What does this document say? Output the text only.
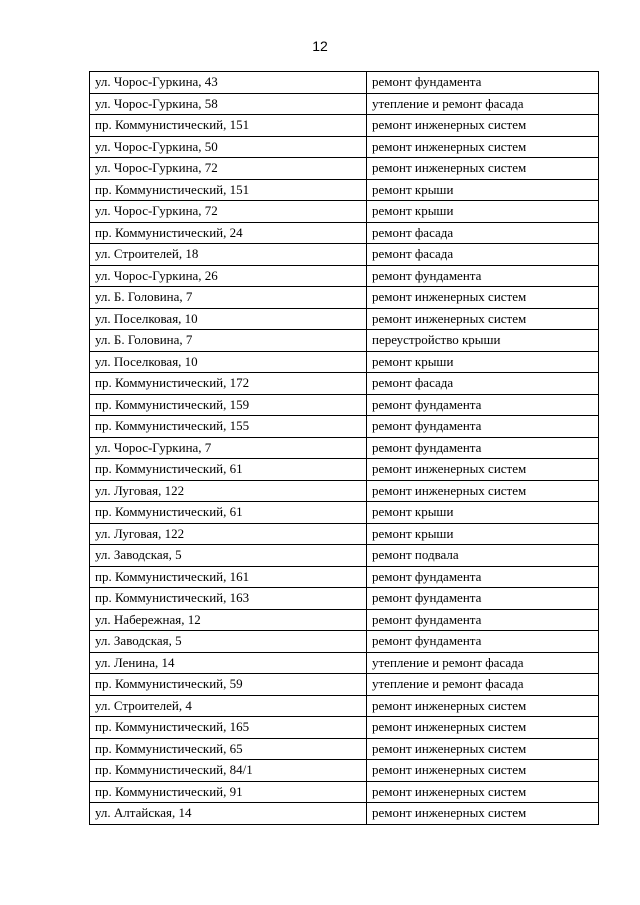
12
ул. Чорос-Гуркина, 43	ремонт фундамента
ул. Чорос-Гуркина, 58	утепление и ремонт фасада
пр. Коммунистический, 151	ремонт инженерных систем
ул. Чорос-Гуркина, 50	ремонт инженерных систем
ул. Чорос-Гуркина, 72	ремонт инженерных систем
пр. Коммунистический, 151	ремонт крыши
ул. Чорос-Гуркина, 72	ремонт крыши
пр. Коммунистический, 24	ремонт фасада
ул. Строителей, 18	ремонт фасада
ул. Чорос-Гуркина, 26	ремонт фундамента
ул. Б. Головина, 7	ремонт инженерных систем
ул. Поселковая, 10	ремонт инженерных систем
ул. Б. Головина, 7	переустройство крыши
ул. Поселковая, 10	ремонт крыши
пр. Коммунистический, 172	ремонт фасада
пр. Коммунистический, 159	ремонт фундамента
пр. Коммунистический, 155	ремонт фундамента
ул. Чорос-Гуркина, 7	ремонт фундамента
пр. Коммунистический, 61	ремонт инженерных систем
ул. Луговая, 122	ремонт инженерных систем
пр. Коммунистический, 61	ремонт крыши
ул. Луговая, 122	ремонт крыши
ул. Заводская, 5	ремонт подвала
пр. Коммунистический, 161	ремонт фундамента
пр. Коммунистический, 163	ремонт фундамента
ул. Набережная, 12	ремонт фундамента
ул. Заводская, 5	ремонт фундамента
ул. Ленина, 14	утепление и ремонт фасада
пр. Коммунистический, 59	утепление и ремонт фасада
ул. Строителей, 4	ремонт инженерных систем
пр. Коммунистический, 165	ремонт инженерных систем
пр. Коммунистический, 65	ремонт инженерных систем
пр. Коммунистический, 84/1	ремонт инженерных систем
пр. Коммунистический, 91	ремонт инженерных систем
ул. Алтайская, 14	ремонт инженерных систем
